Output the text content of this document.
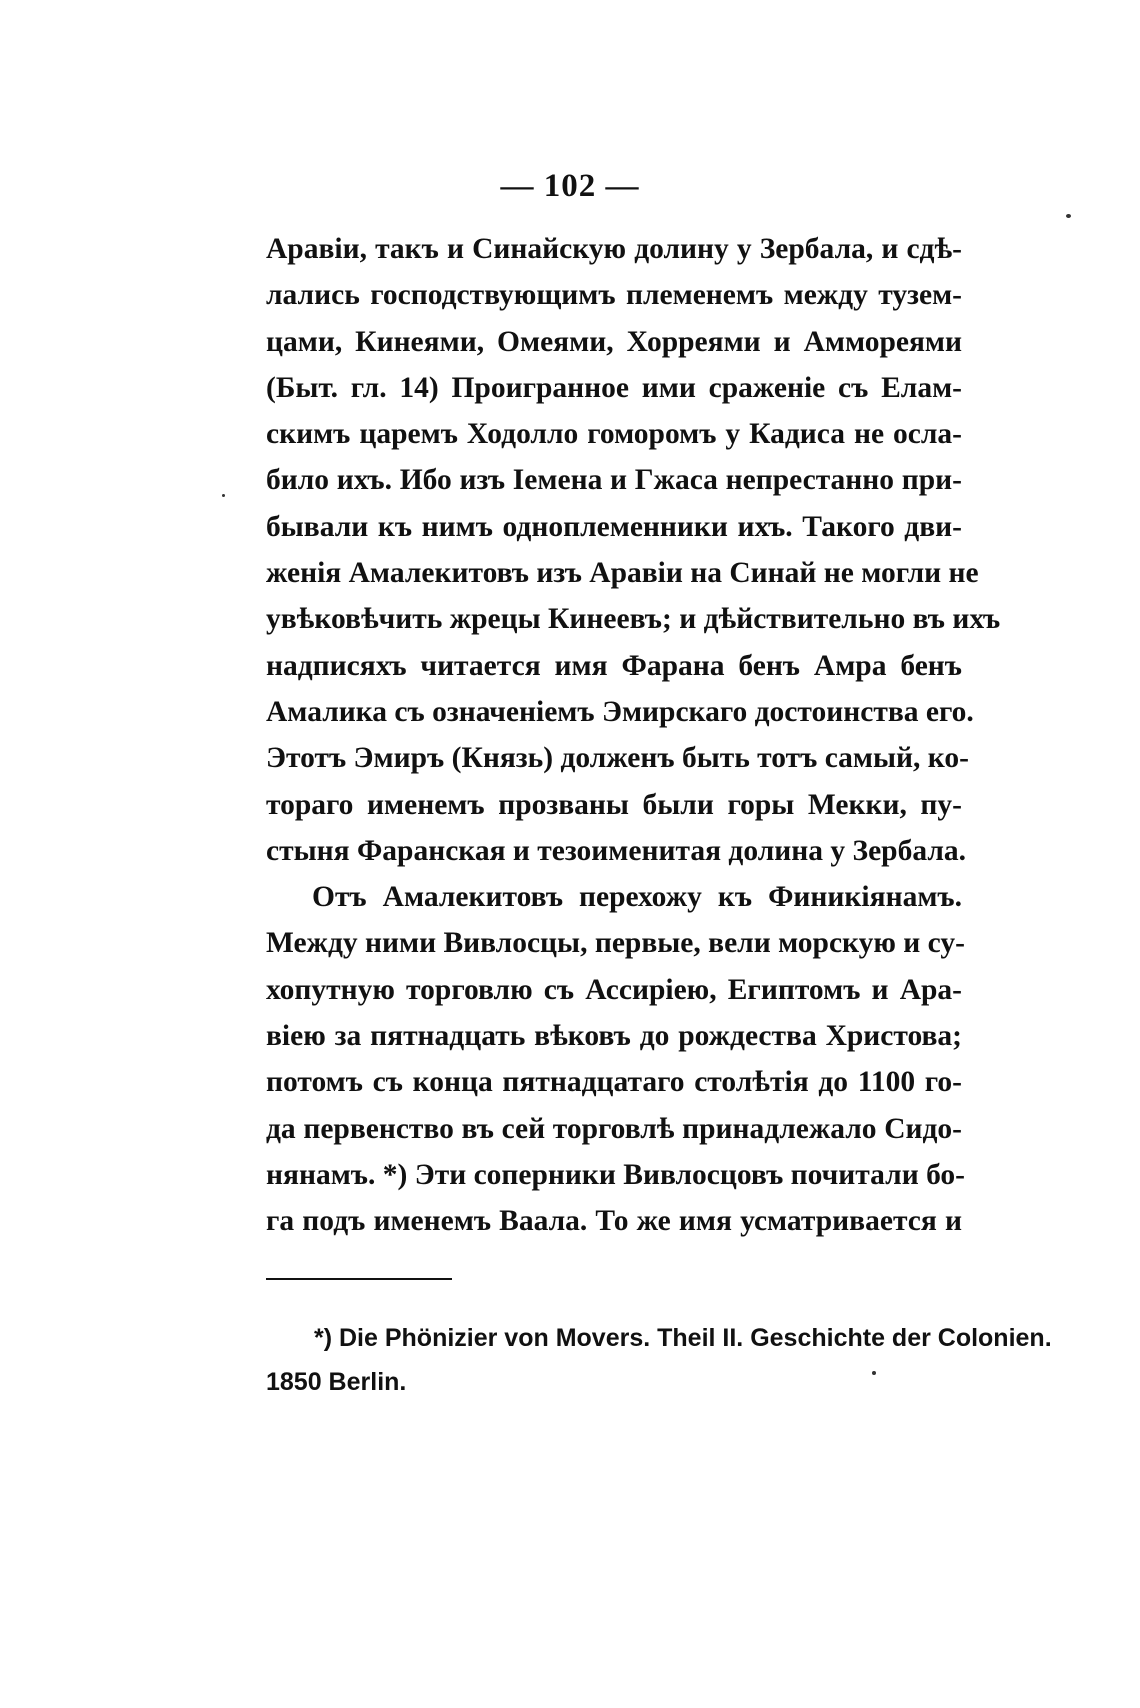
— 102 —
Аравіи, такъ и Синайскую долину у Зербала, и сдѣ-
лались господствующимъ племенемъ между тузем-
цами, Кинеями, Омеями, Хорреями и Аммореями
(Быт. гл. 14) Проигранное ими сраженіе съ Елам-
скимъ царемъ Ходолло гоморомъ у Кадиса не осла-
било ихъ. Ибо изъ Іемена и Гжаса непрестанно при-
бывали къ нимъ одноплеменники ихъ. Такого дви-
женія Амалекитовъ изъ Аравіи на Синай не могли не
увѣковѣчить жрецы Кинеевъ; и дѣйствительно въ ихъ
надписяхъ читается имя Фарана бенъ Амра бенъ
Амалика съ означеніемъ Эмирскаго достоинства его.
Этотъ Эмиръ (Князь) долженъ быть тотъ самый, ко-
тораго именемъ прозваны были горы Мекки, пу-
стыня Фаранская и тезоименитая долина у Зербала.
Отъ Амалекитовъ перехожу къ Финикіянамъ.
Между ними Вивлосцы, первые, вели морскую и су-
хопутную торговлю съ Ассиріею, Египтомъ и Ара-
віею за пятнадцать вѣковъ до рождества Христова;
потомъ съ конца пятнадцатаго столѣтія до 1100 го-
да первенство въ сей торговлѣ принадлежало Сидо-
нянамъ. *) Эти соперники Вивлосцовъ почитали бо-
га подъ именемъ Ваала. То же имя усматривается и
*) Die Phönizier von Movers. Theil II. Geschichte der Colonien.
1850 Berlin.
